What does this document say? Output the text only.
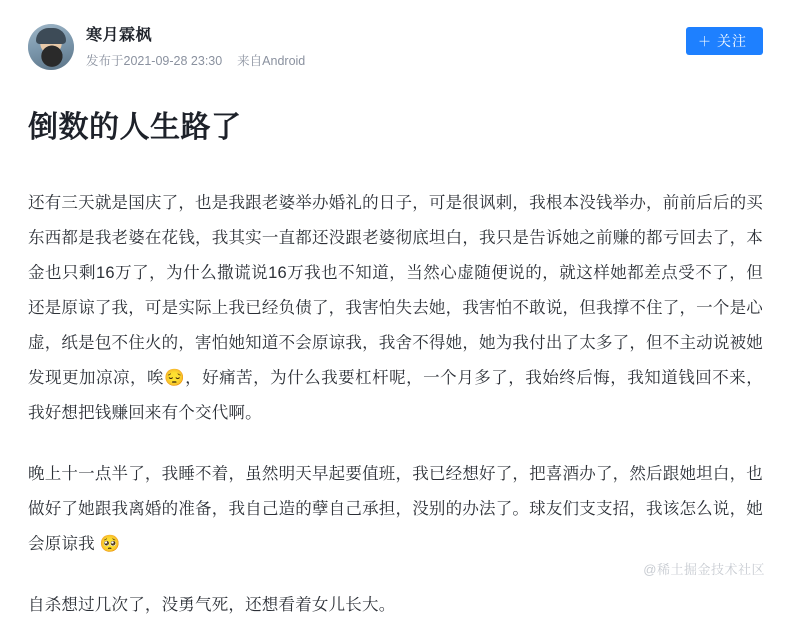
寒月霖枫
发布于2021-09-28 23:30 来自Android
＋ 关注
倒数的人生路了

还有三天就是国庆了，也是我跟老婆举办婚礼的日子，可是很讽刺，我根本没钱举办，前前后后的买东西都是我老婆在花钱，我其实一直都还没跟老婆彻底坦白，我只是告诉她之前赚的都亏回去了，本金也只剩16万了，为什么撒谎说16万我也不知道，当然心虚随便说的，就这样她都差点受不了，但还是原谅了我，可是实际上我已经负债了，我害怕失去她，我害怕不敢说，但我撑不住了，一个是心虚，纸是包不住火的，害怕她知道不会原谅我，我舍不得她，她为我付出了太多了，但不主动说被她发现更加凉凉，唉😔，好痛苦，为什么我要杠杆呢，一个月多了，我始终后悔，我知道钱回不来，我好想把钱赚回来有个交代啊。

晚上十一点半了，我睡不着，虽然明天早起要值班，我已经想好了，把喜酒办了，然后跟她坦白，也做好了她跟我离婚的准备，我自己造的孽自己承担，没别的办法了。球友们支支招，我该怎么说，她会原谅我 🥺

自杀想过几次了，没勇气死，还想看着女儿长大。

@稀土掘金技术社区
